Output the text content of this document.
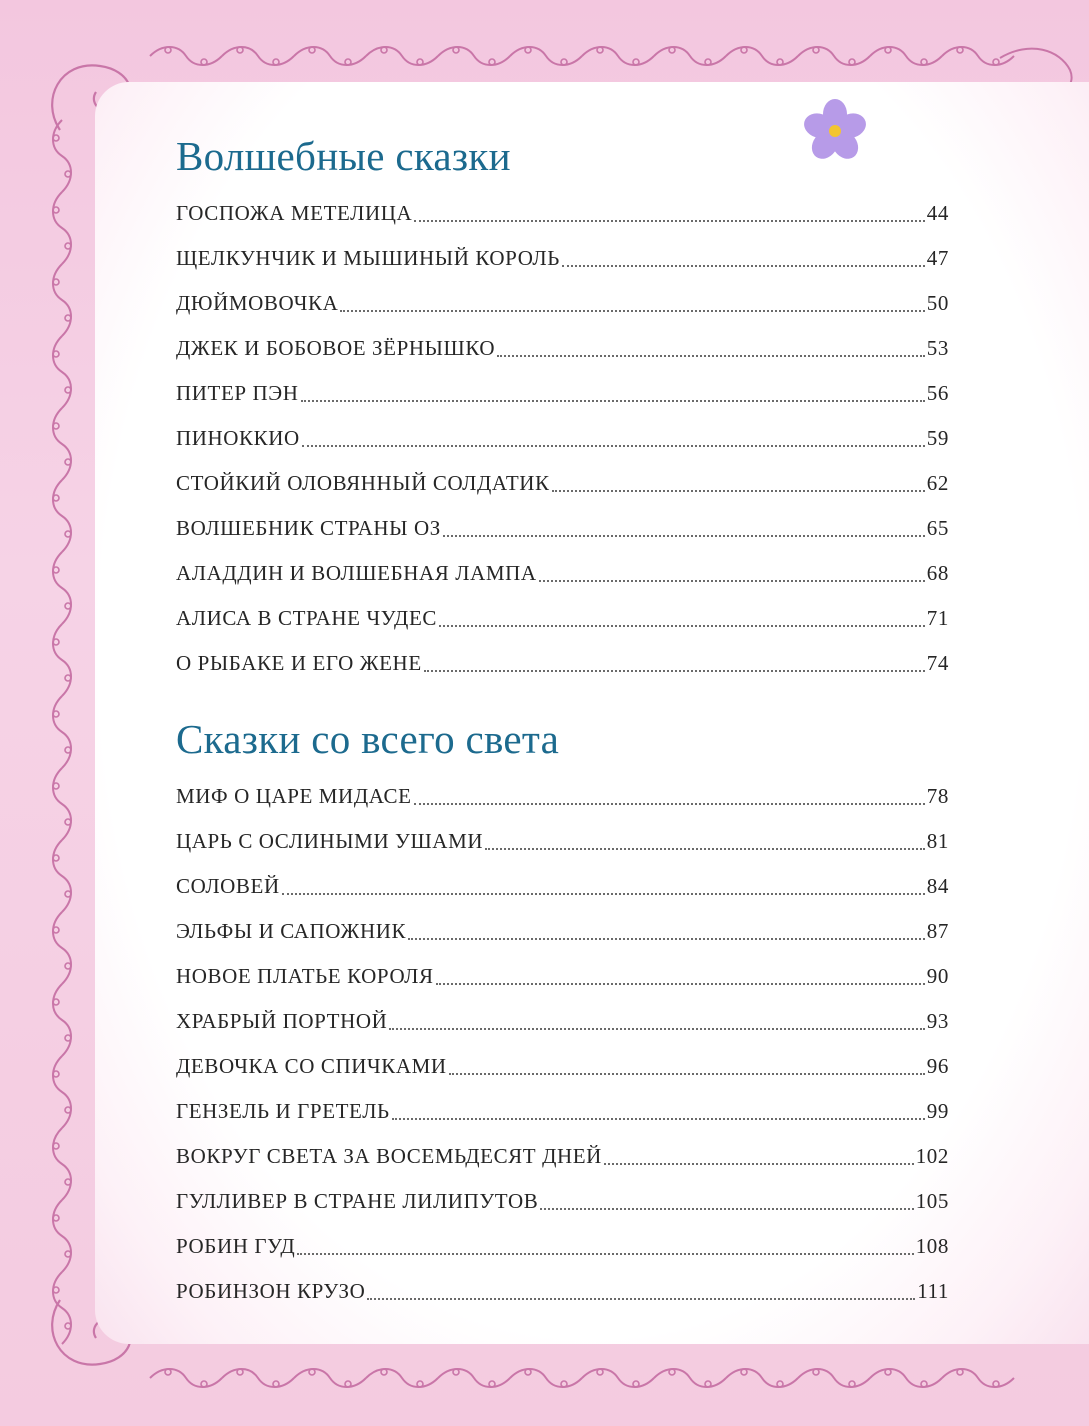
Волшебные сказки
ГОСПОЖА МЕТЕЛИЦА	44
ЩЕЛКУНЧИК И МЫШИНЫЙ КОРОЛЬ	47
ДЮЙМОВОЧКА	50
ДЖЕК И БОБОВОЕ ЗЁРНЫШКО	53
ПИТЕР ПЭН	56
ПИНОККИО	59
СТОЙКИЙ ОЛОВЯННЫЙ СОЛДАТИК	62
ВОЛШЕБНИК СТРАНЫ ОЗ	65
АЛАДДИН И ВОЛШЕБНАЯ ЛАМПА	68
АЛИСА В СТРАНЕ ЧУДЕС	71
О РЫБАКЕ И ЕГО ЖЕНЕ	74
Сказки со всего света
МИФ О ЦАРЕ МИДАСЕ	78
ЦАРЬ С ОСЛИНЫМИ УШАМИ	81
СОЛОВЕЙ	84
ЭЛЬФЫ И САПОЖНИК	87
НОВОЕ ПЛАТЬЕ КОРОЛЯ	90
ХРАБРЫЙ ПОРТНОЙ	93
ДЕВОЧКА СО СПИЧКАМИ	96
ГЕНЗЕЛЬ И ГРЕТЕЛЬ	99
ВОКРУГ СВЕТА ЗА ВОСЕМЬДЕСЯТ ДНЕЙ	102
ГУЛЛИВЕР В СТРАНЕ ЛИЛИПУТОВ	105
РОБИН ГУД	108
РОБИНЗОН КРУЗО	111
